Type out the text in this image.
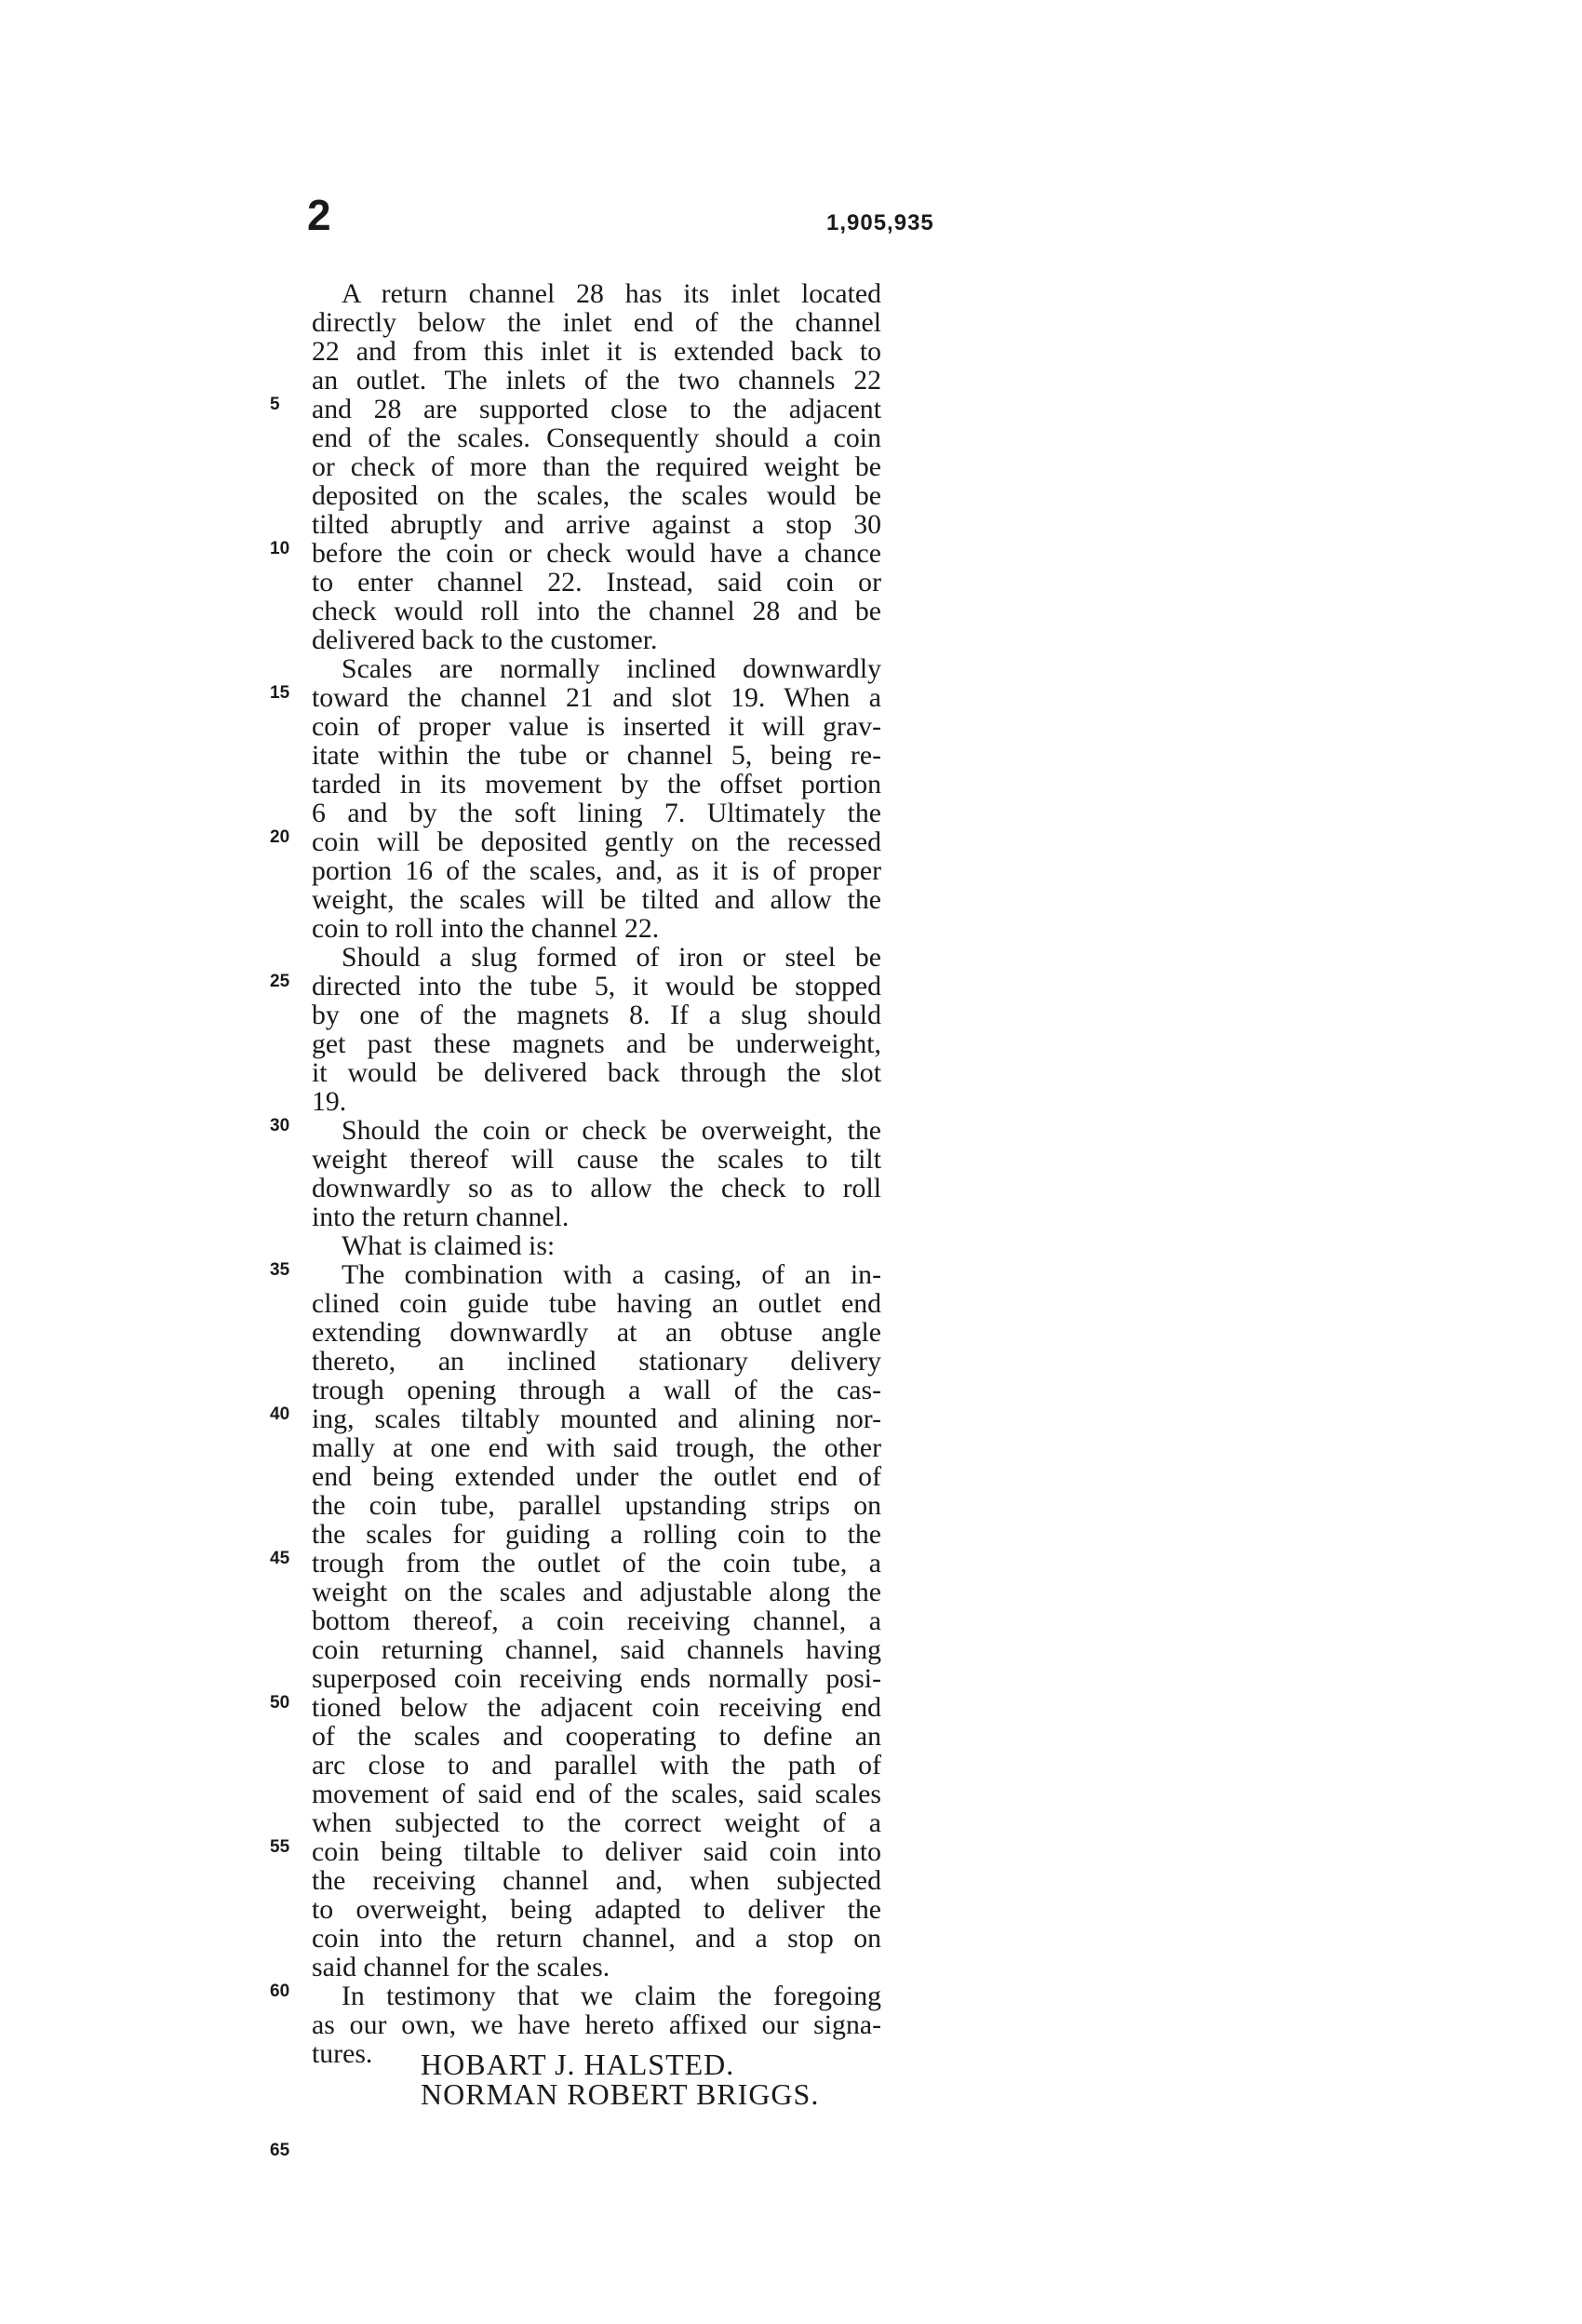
2	1,905,935
5
10
15
20
25
30
35
40
45
50
55
60
65
A return channel 28 has its inlet located
directly below the inlet end of the channel
22 and from this inlet it is extended back to
an outlet. The inlets of the two channels 22
and 28 are supported close to the adjacent
end of the scales. Consequently should a coin
or check of more than the required weight be
deposited on the scales, the scales would be
tilted abruptly and arrive against a stop 30
before the coin or check would have a chance
to enter channel 22. Instead, said coin or
check would roll into the channel 28 and be
delivered back to the customer.
Scales are normally inclined downwardly
toward the channel 21 and slot 19. When a
coin of proper value is inserted it will grav-
itate within the tube or channel 5, being re-
tarded in its movement by the offset portion
6 and by the soft lining 7. Ultimately the
coin will be deposited gently on the recessed
portion 16 of the scales, and, as it is of proper
weight, the scales will be tilted and allow the
coin to roll into the channel 22.
Should a slug formed of iron or steel be
directed into the tube 5, it would be stopped
by one of the magnets 8. If a slug should
get past these magnets and be underweight,
it would be delivered back through the slot
19.
Should the coin or check be overweight, the
weight thereof will cause the scales to tilt
downwardly so as to allow the check to roll
into the return channel.
What is claimed is:
The combination with a casing, of an in-
clined coin guide tube having an outlet end
extending downwardly at an obtuse angle
thereto, an inclined stationary delivery
trough opening through a wall of the cas-
ing, scales tiltably mounted and alining nor-
mally at one end with said trough, the other
end being extended under the outlet end of
the coin tube, parallel upstanding strips on
the scales for guiding a rolling coin to the
trough from the outlet of the coin tube, a
weight on the scales and adjustable along the
bottom thereof, a coin receiving channel, a
coin returning channel, said channels having
superposed coin receiving ends normally posi-
tioned below the adjacent coin receiving end
of the scales and cooperating to define an
arc close to and parallel with the path of
movement of said end of the scales, said scales
when subjected to the correct weight of a
coin being tiltable to deliver said coin into
the receiving channel and, when subjected
to overweight, being adapted to deliver the
coin into the return channel, and a stop on
said channel for the scales.
In testimony that we claim the foregoing
as our own, we have hereto affixed our signa-
tures.	HOBART J. HALSTED.
NORMAN ROBERT BRIGGS.
